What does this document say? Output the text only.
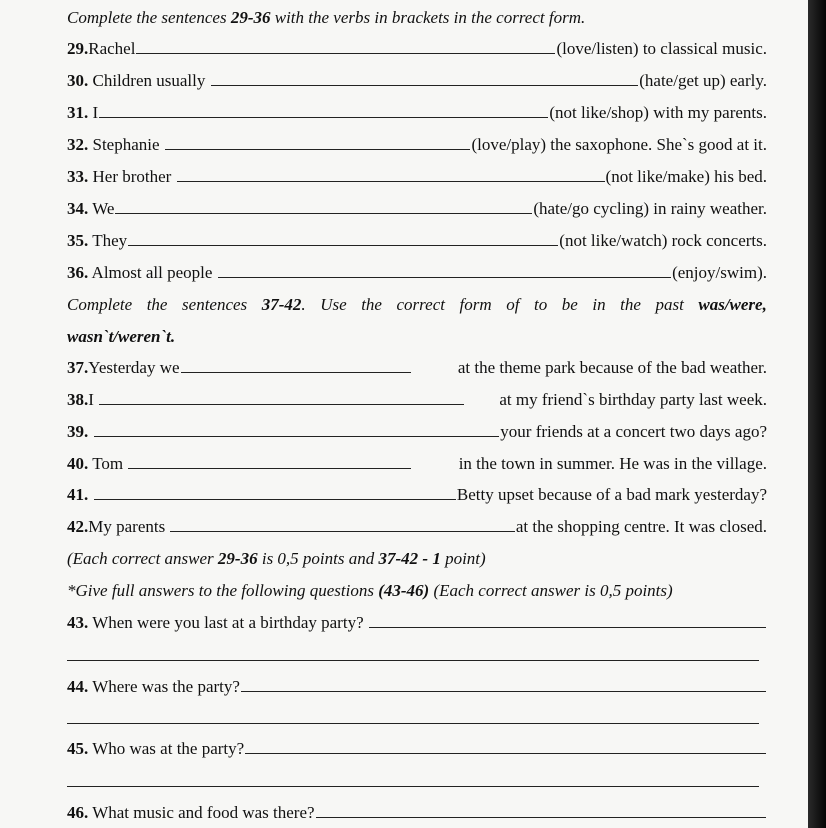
Complete the sentences 29-36 with the verbs in brackets in the correct form.
29. Rachel	(love/listen) to classical music.
30. Children usually	(hate/get up) early.
31. I	(not like/shop) with my parents.
32. Stephanie	(love/play) the saxophone. She`s good at it.
33. Her brother	(not like/make) his bed.
34. We	(hate/go cycling) in rainy weather.
35. They	(not like/watch) rock concerts.
36. Almost all people	(enjoy/swim).
Complete the sentences 37-42. Use the correct form of to be in the past was/were,
wasn`t/weren`t.
37. Yesterday we	at the theme park because of the bad weather.
38. I	at my friend`s birthday party last week.
39.
	your friends at a concert two days ago?
40. Tom	in the town in summer. He was in the village.
41.
	Betty upset because of a bad mark yesterday?
42. My parents	at the shopping centre. It was closed.
(Each correct answer 29-36 is 0,5 points and 37-42 - 1 point)
*Give full answers to the following questions (43-46) (Each correct answer is 0,5 points)
43. When were you last at a birthday party?
44. Where was the party?
45. Who was at the party?
46. What music and food was there?
